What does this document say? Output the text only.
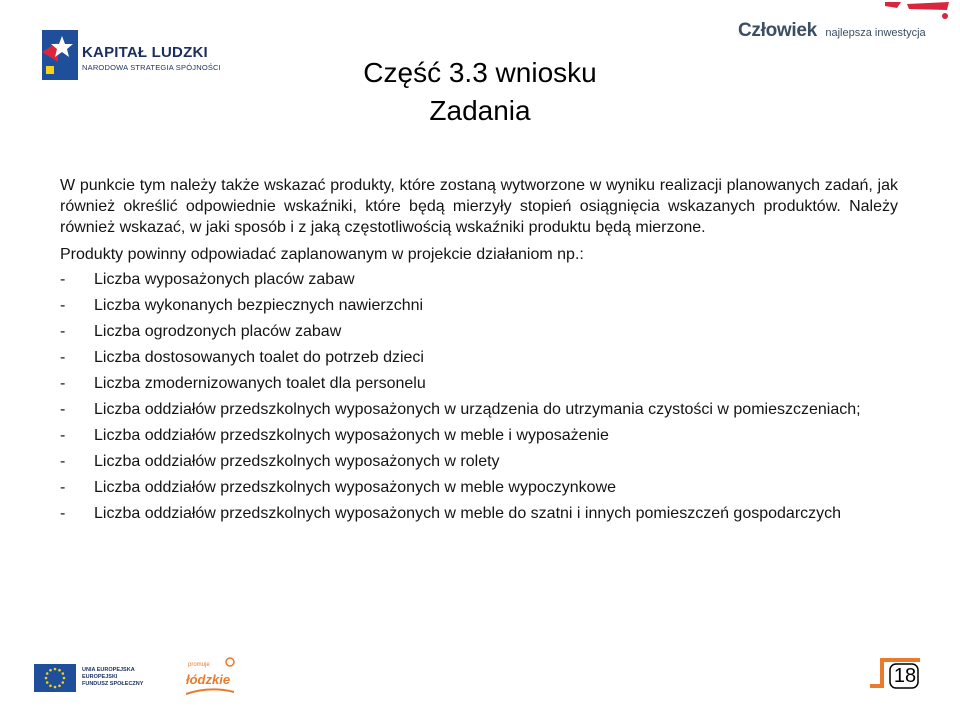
KAPITAŁ LUDZKI
NARODOWA STRATEGIA SPÓJNOŚCI
Człowiek najlepsza inwestycja
Część 3.3 wniosku
Zadania
W punkcie tym należy także wskazać produkty, które zostaną wytworzone w wyniku realizacji planowanych zadań, jak również określić odpowiednie wskaźniki, które będą mierzyły stopień osiągnięcia wskazanych produktów. Należy również wskazać, w jaki sposób i z jaką częstotliwością wskaźniki produktu będą mierzone.
Produkty powinny odpowiadać zaplanowanym w projekcie działaniom np.:
- Liczba wyposażonych placów zabaw
- Liczba wykonanych bezpiecznych nawierzchni
- Liczba ogrodzonych placów zabaw
- Liczba dostosowanych toalet do potrzeb dzieci
- Liczba zmodernizowanych toalet dla personelu
- Liczba oddziałów przedszkolnych wyposażonych w urządzenia do utrzymania czystości w pomieszczeniach;
- Liczba oddziałów przedszkolnych wyposażonych w meble i wyposażenie
- Liczba oddziałów przedszkolnych wyposażonych w rolety
- Liczba oddziałów przedszkolnych wyposażonych w meble wypoczynkowe
- Liczba oddziałów przedszkolnych wyposażonych w meble do szatni i innych pomieszczeń gospodarczych
UNIA EUROPEJSKA
EUROPEJSKI
FUNDUSZ SPOŁECZNY
promuje
łódzkie	18
